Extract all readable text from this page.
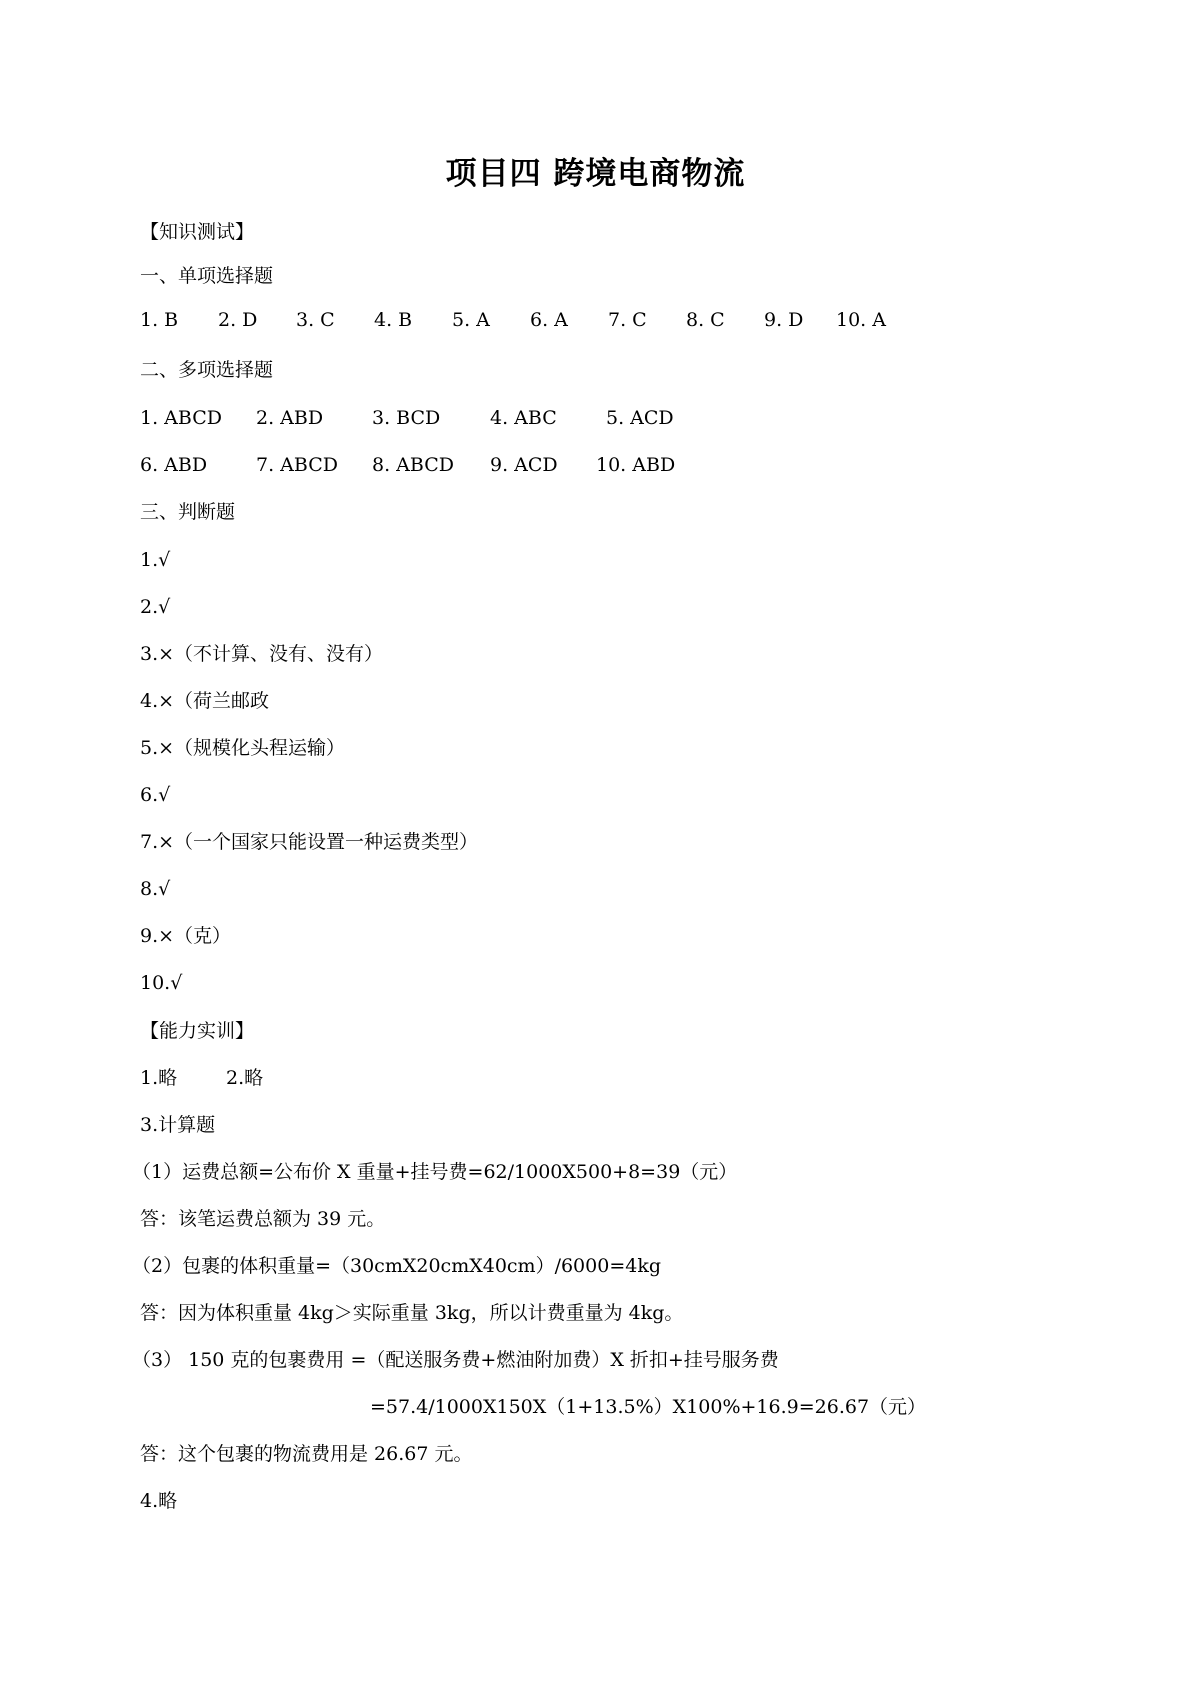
项目四 跨境电商物流
【知识测试】
一、单项选择题

1. B

2. D

3. C

4. B

5. A

6. A

7. C

8. C

9. D

10. A

二、多项选择题

1. ABCD

2. ABD

	3. BCD

	4. ABC

	5. ACD

6. ABD

	7. ABCD

8. ABCD

9. ACD

10. ABD

三、判断题
1.√
2.√
3.×（不计算、没有、没有）
4.×（荷兰邮政
5.×（规模化头程运输）
6.√
7.×（一个国家只能设置一种运费类型）
8.√
9.×（克）
10.√
【能力实训】

1.略

	2.略

3.计算题
（1）运费总额=公布价 X 重量+挂号费=62/1000X500+8=39（元）
答：该笔运费总额为 39 元。
（2）包裹的体积重量=（30cmX20cmX40cm）/6000=4kg
答：因为体积重量 4kg＞实际重量 3kg，所以计费重量为 4kg。
（3） 150 克的包裹费用 =（配送服务费+燃油附加费）X 折扣+挂号服务费
=57.4/1000X150X（1+13.5%）X100%+16.9=26.67（元）
答：这个包裹的物流费用是 26.67 元。
4.略
